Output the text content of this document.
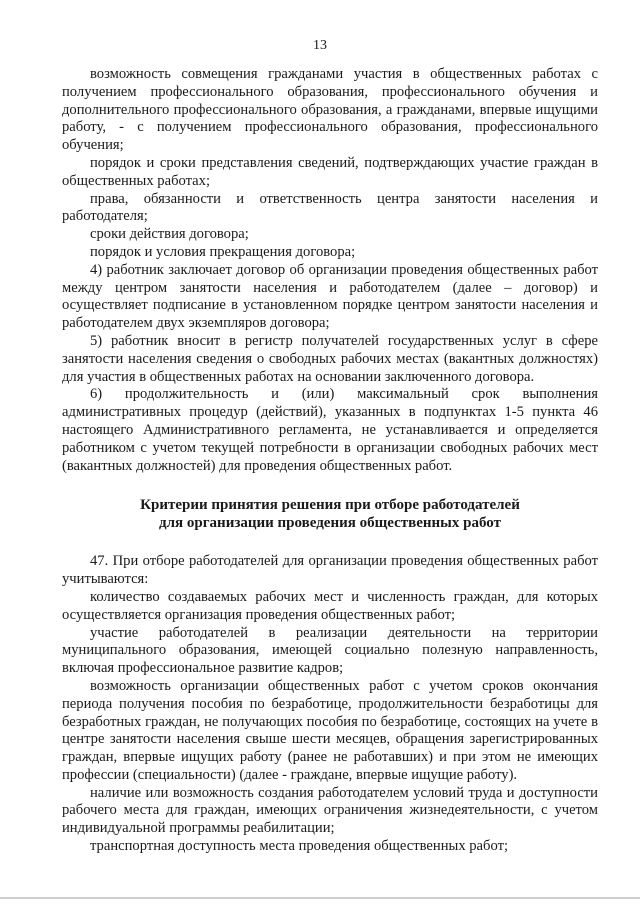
13

возможность совмещения гражданами участия в общественных работах с получением профессионального образования, профессионального обучения и дополнительного профессионального образования, а гражданами, впервые ищущими работу, - с получением профессионального образования, профессионального обучения;

порядок и сроки представления сведений, подтверждающих участие граждан в общественных работах;

права, обязанности и ответственность центра занятости населения и работодателя;

сроки действия договора;

порядок и условия прекращения договора;

4) работник заключает договор об организации проведения общественных работ между центром занятости населения и работодателем (далее – договор) и осуществляет подписание в установленном порядке центром занятости населения и работодателем двух экземпляров договора;

5) работник вносит в регистр получателей государственных услуг в сфере занятости населения сведения о свободных рабочих местах (вакантных должностях) для участия в общественных работах на основании заключенного договора.

6) продолжительность и (или) максимальный срок выполнения административных процедур (действий), указанных в подпунктах 1-5 пункта 46 настоящего Административного регламента, не устанавливается и определяется работником с учетом текущей потребности в организации свободных рабочих мест (вакантных должностей) для проведения общественных работ.

Критерии принятия решения при отборе работодателей
для организации проведения общественных работ

47. При отборе работодателей для организации проведения общественных работ учитываются:

количество создаваемых рабочих мест и численность граждан, для которых осуществляется организация проведения общественных работ;

участие работодателей в реализации деятельности на территории муниципального образования, имеющей социально полезную направленность, включая профессиональное развитие кадров;

возможность организации общественных работ с учетом сроков окончания периода получения пособия по безработице, продолжительности безработицы для безработных граждан, не получающих пособия по безработице, состоящих на учете в центре занятости населения свыше шести месяцев, обращения зарегистрированных граждан, впервые ищущих работу (ранее не работавших) и при этом не имеющих профессии (специальности) (далее - граждане, впервые ищущие работу).

наличие или возможность создания работодателем условий труда и доступности рабочего места для граждан, имеющих ограничения жизнедеятельности, с учетом индивидуальной программы реабилитации;

транспортная доступность места проведения общественных работ;
